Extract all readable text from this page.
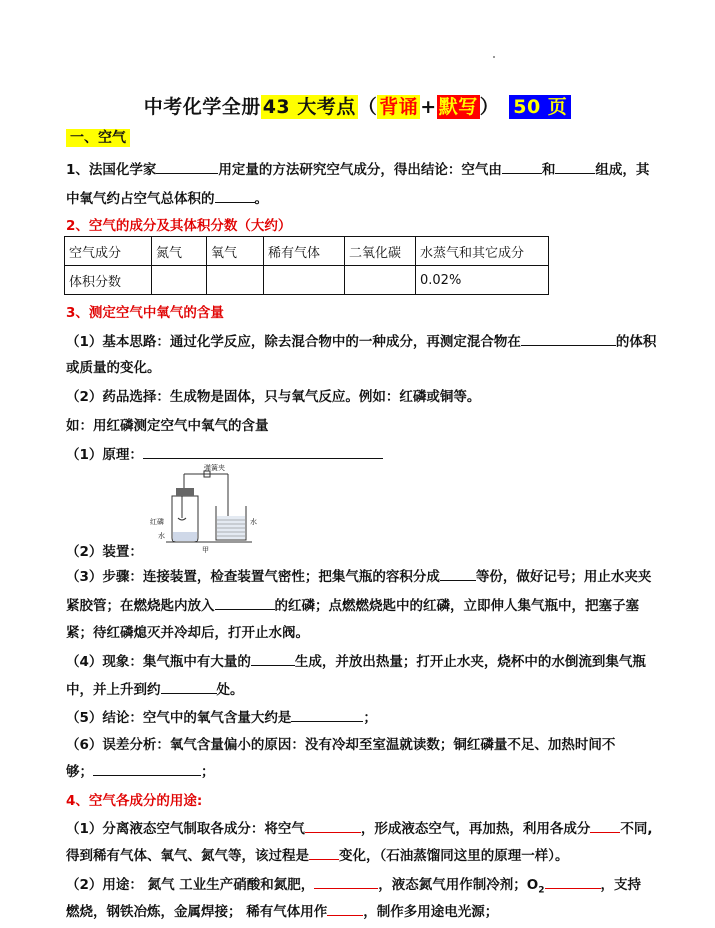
中考化学全册 43 大考点 （ 背诵 + 默写 ） 50 页
一、空气
1、法国化学家	用定量的方法研究空气成分，得出结论：空气由	和	组成，其
中氧气约占空气总体积的	。
2、空气的成分及其体积分数（大约）
空气成分	氮气	氧气	稀有气体	二氧化碳	水蒸气和其它成分
体积分数					0.02%
3、测定空气中氧气的含量
（1）基本思路：通过化学反应，除去混合物中的一种成分，再测定混合物在	的体积
或质量的变化。
（2）药品选择：生成物是固体，只与氧气反应。例如：红磷或铜等。
如：用红磷测定空气中氧气的含量
（1）原理：
弹簧夹
红磷
水
水
甲
（2）装置：
（3）步骤：连接装置，检查装置气密性；把集气瓶的容积分成	等份，做好记号；用止水夹夹
紧胶管；在燃烧匙内放入	的红磷；点燃燃烧匙中的红磷，立即伸人集气瓶中，把塞子塞
紧；待红磷熄灭并冷却后，打开止水阀。
（4）现象：集气瓶中有大量的	生成，并放出热量；打开止水夹，烧杯中的水倒流到集气瓶
中，并上升到约	处。
（5）结论：空气中的氧气含量大约是	；
（6）误差分析：氧气含量偏小的原因：没有冷却至室温就读数；铜红磷量不足、加热时间不
够；	；
4、空气各成分的用途:
（1）分离液态空气制取各成分：将空气	，形成液态空气，再加热，利用各成分 不同,
得到稀有气体、氧气、氮气等，该过程是 变化，（石油蒸馏同这里的原理一样）。
（2）用途： 氮气 工业生产硝酸和氮肥，	，液态氮气用作制冷剂；$O_2$	，支持
燃烧，钢铁冶炼，金属焊接； 稀有气体用作	，制作多用途电光源；
